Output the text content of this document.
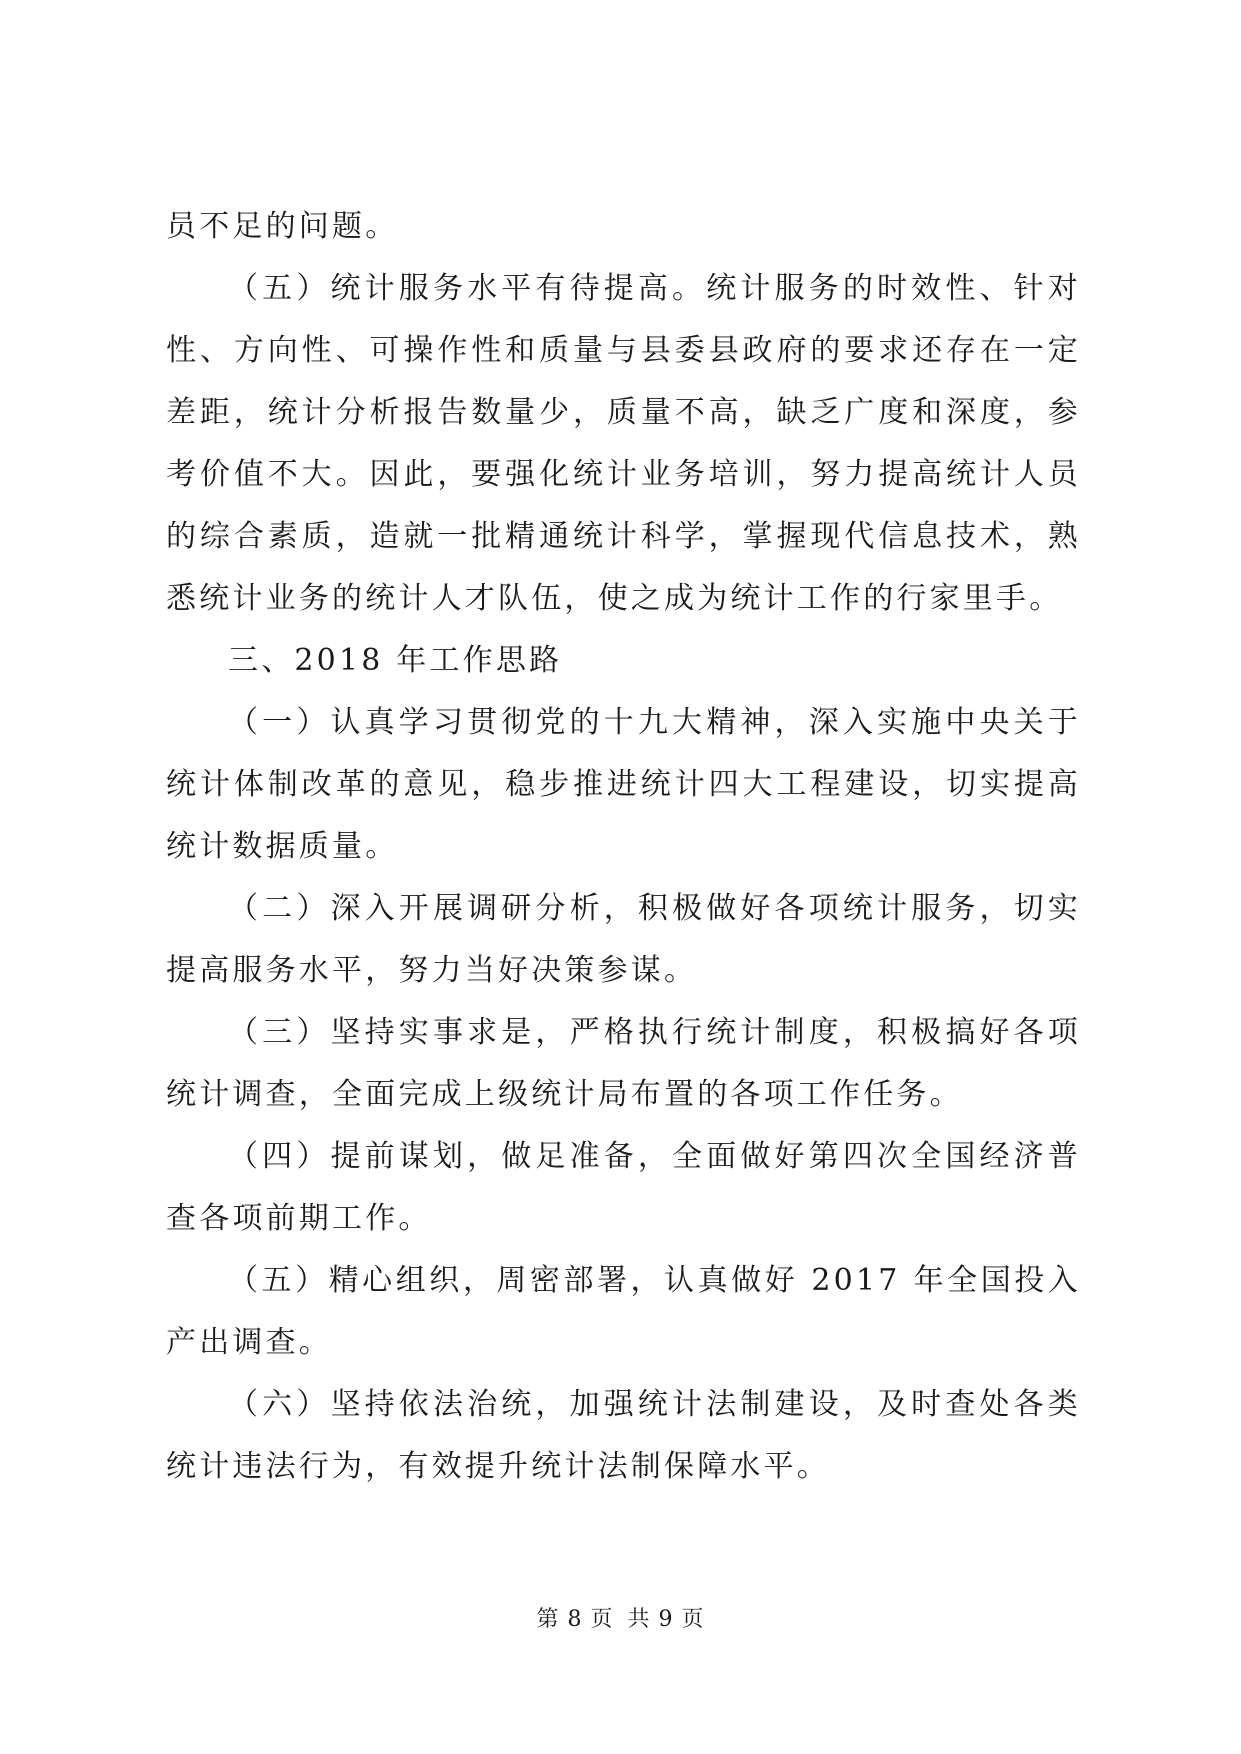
员不足的问题。

（五）统计服务水平有待提高。统计服务的时效性、针对性、方向性、可操作性和质量与县委县政府的要求还存在一定差距，统计分析报告数量少，质量不高，缺乏广度和深度，参考价值不大。因此，要强化统计业务培训，努力提高统计人员的综合素质，造就一批精通统计科学，掌握现代信息技术，熟悉统计业务的统计人才队伍，使之成为统计工作的行家里手。

三、2018 年工作思路

（一）认真学习贯彻党的十九大精神，深入实施中央关于统计体制改革的意见，稳步推进统计四大工程建设，切实提高统计数据质量。

（二）深入开展调研分析，积极做好各项统计服务，切实提高服务水平，努力当好决策参谋。

（三）坚持实事求是，严格执行统计制度，积极搞好各项统计调查，全面完成上级统计局布置的各项工作任务。

（四）提前谋划，做足准备，全面做好第四次全国经济普查各项前期工作。

（五）精心组织，周密部署，认真做好 2017 年全国投入产出调查。

（六）坚持依法治统，加强统计法制建设，及时查处各类统计违法行为，有效提升统计法制保障水平。

第 8 页 共 9 页
